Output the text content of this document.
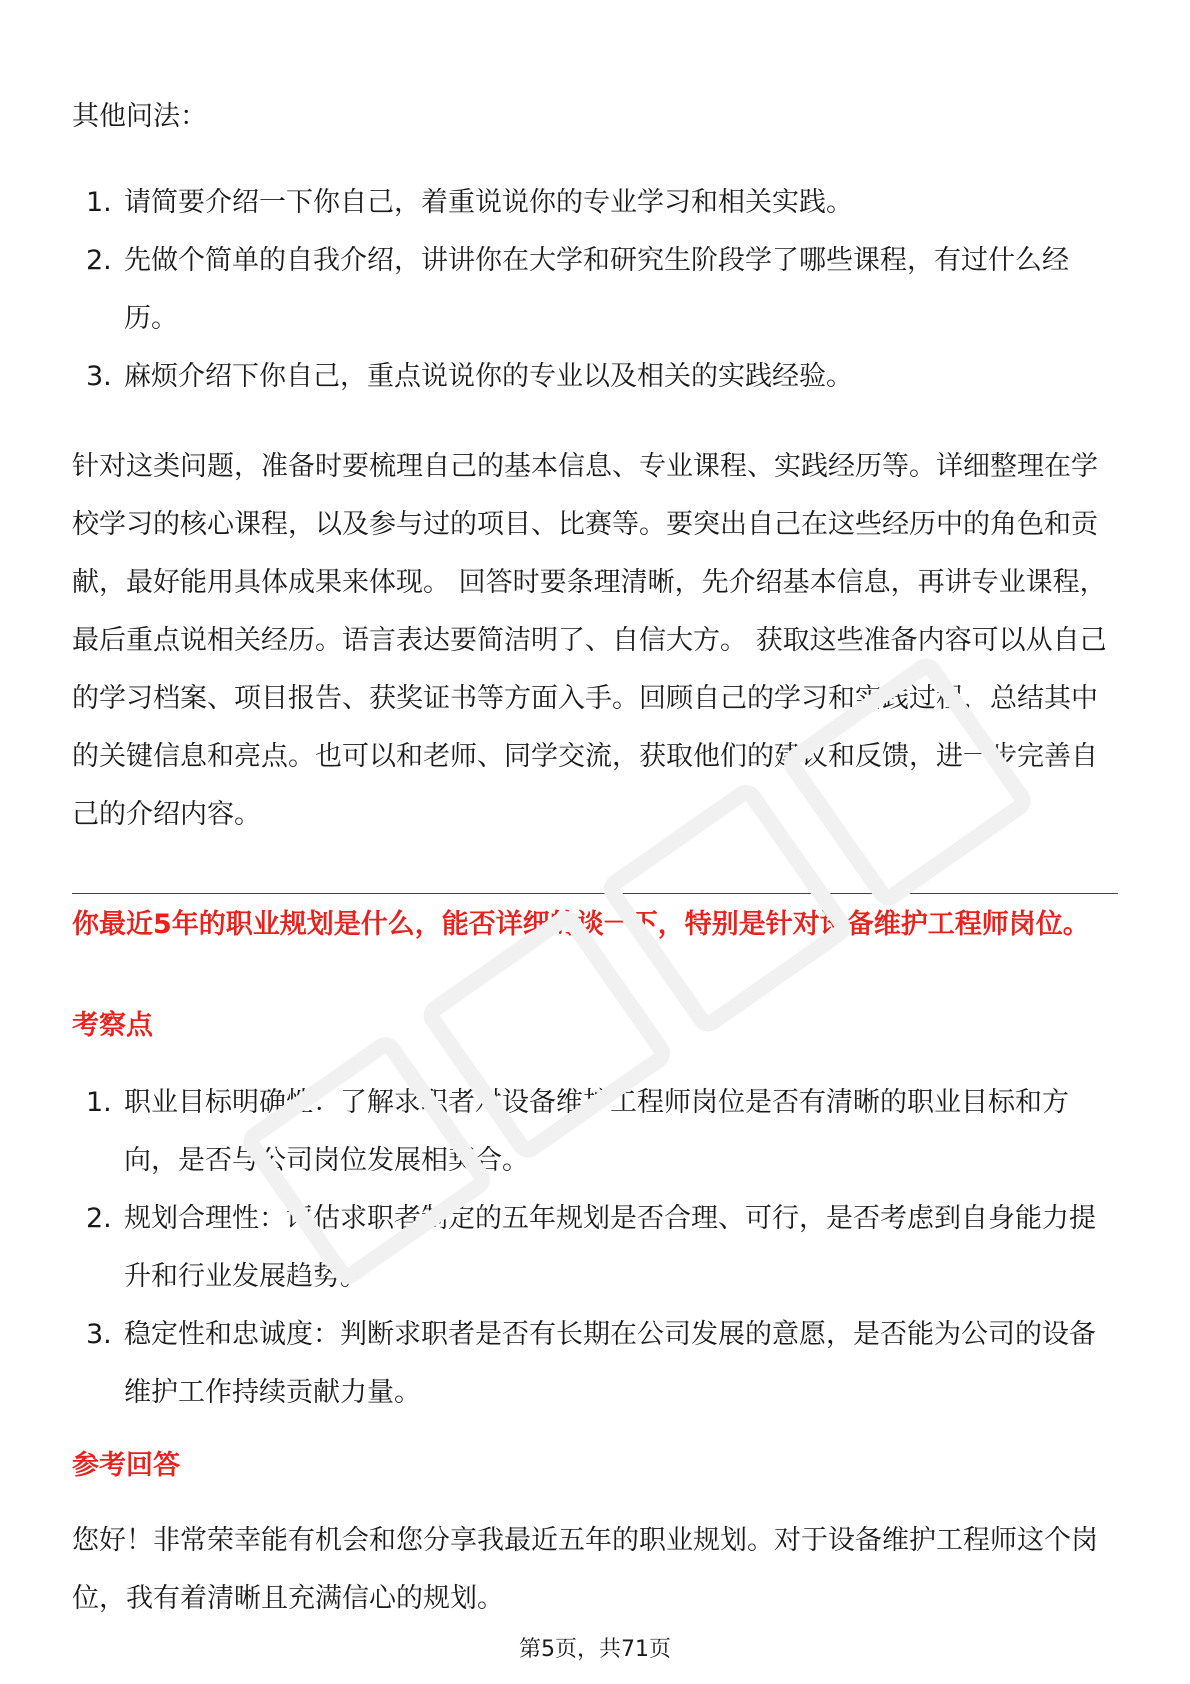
其他问法：

1. 请简要介绍一下你自己，着重说说你的专业学习和相关实践。
2. 先做个简单的自我介绍，讲讲你在大学和研究生阶段学了哪些课程，有过什么经历。
3. 麻烦介绍下你自己，重点说说你的专业以及相关的实践经验。

针对这类问题，准备时要梳理自己的基本信息、专业课程、实践经历等。详细整理在学校学习的核心课程，以及参与过的项目、比赛等。要突出自己在这些经历中的角色和贡献，最好能用具体成果来体现。 回答时要条理清晰，先介绍基本信息，再讲专业课程，最后重点说相关经历。语言表达要简洁明了、自信大方。 获取这些准备内容可以从自己的学习档案、项目报告、获奖证书等方面入手。回顾自己的学习和实践过程，总结其中的关键信息和亮点。也可以和老师、同学交流，获取他们的建议和反馈，进一步完善自己的介绍内容。

你最近5年的职业规划是什么，能否详细的谈一下，特别是针对设备维护工程师岗位。

考察点

1. 职业目标明确性：了解求职者对设备维护工程师岗位是否有清晰的职业目标和方向，是否与公司岗位发展相契合。
2. 规划合理性：评估求职者制定的五年规划是否合理、可行，是否考虑到自身能力提升和行业发展趋势。
3. 稳定性和忠诚度：判断求职者是否有长期在公司发展的意愿，是否能为公司的设备维护工作持续贡献力量。

参考回答

您好！非常荣幸能有机会和您分享我最近五年的职业规划。对于设备维护工程师这个岗位，我有着清晰且充满信心的规划。

第5页，共71页
